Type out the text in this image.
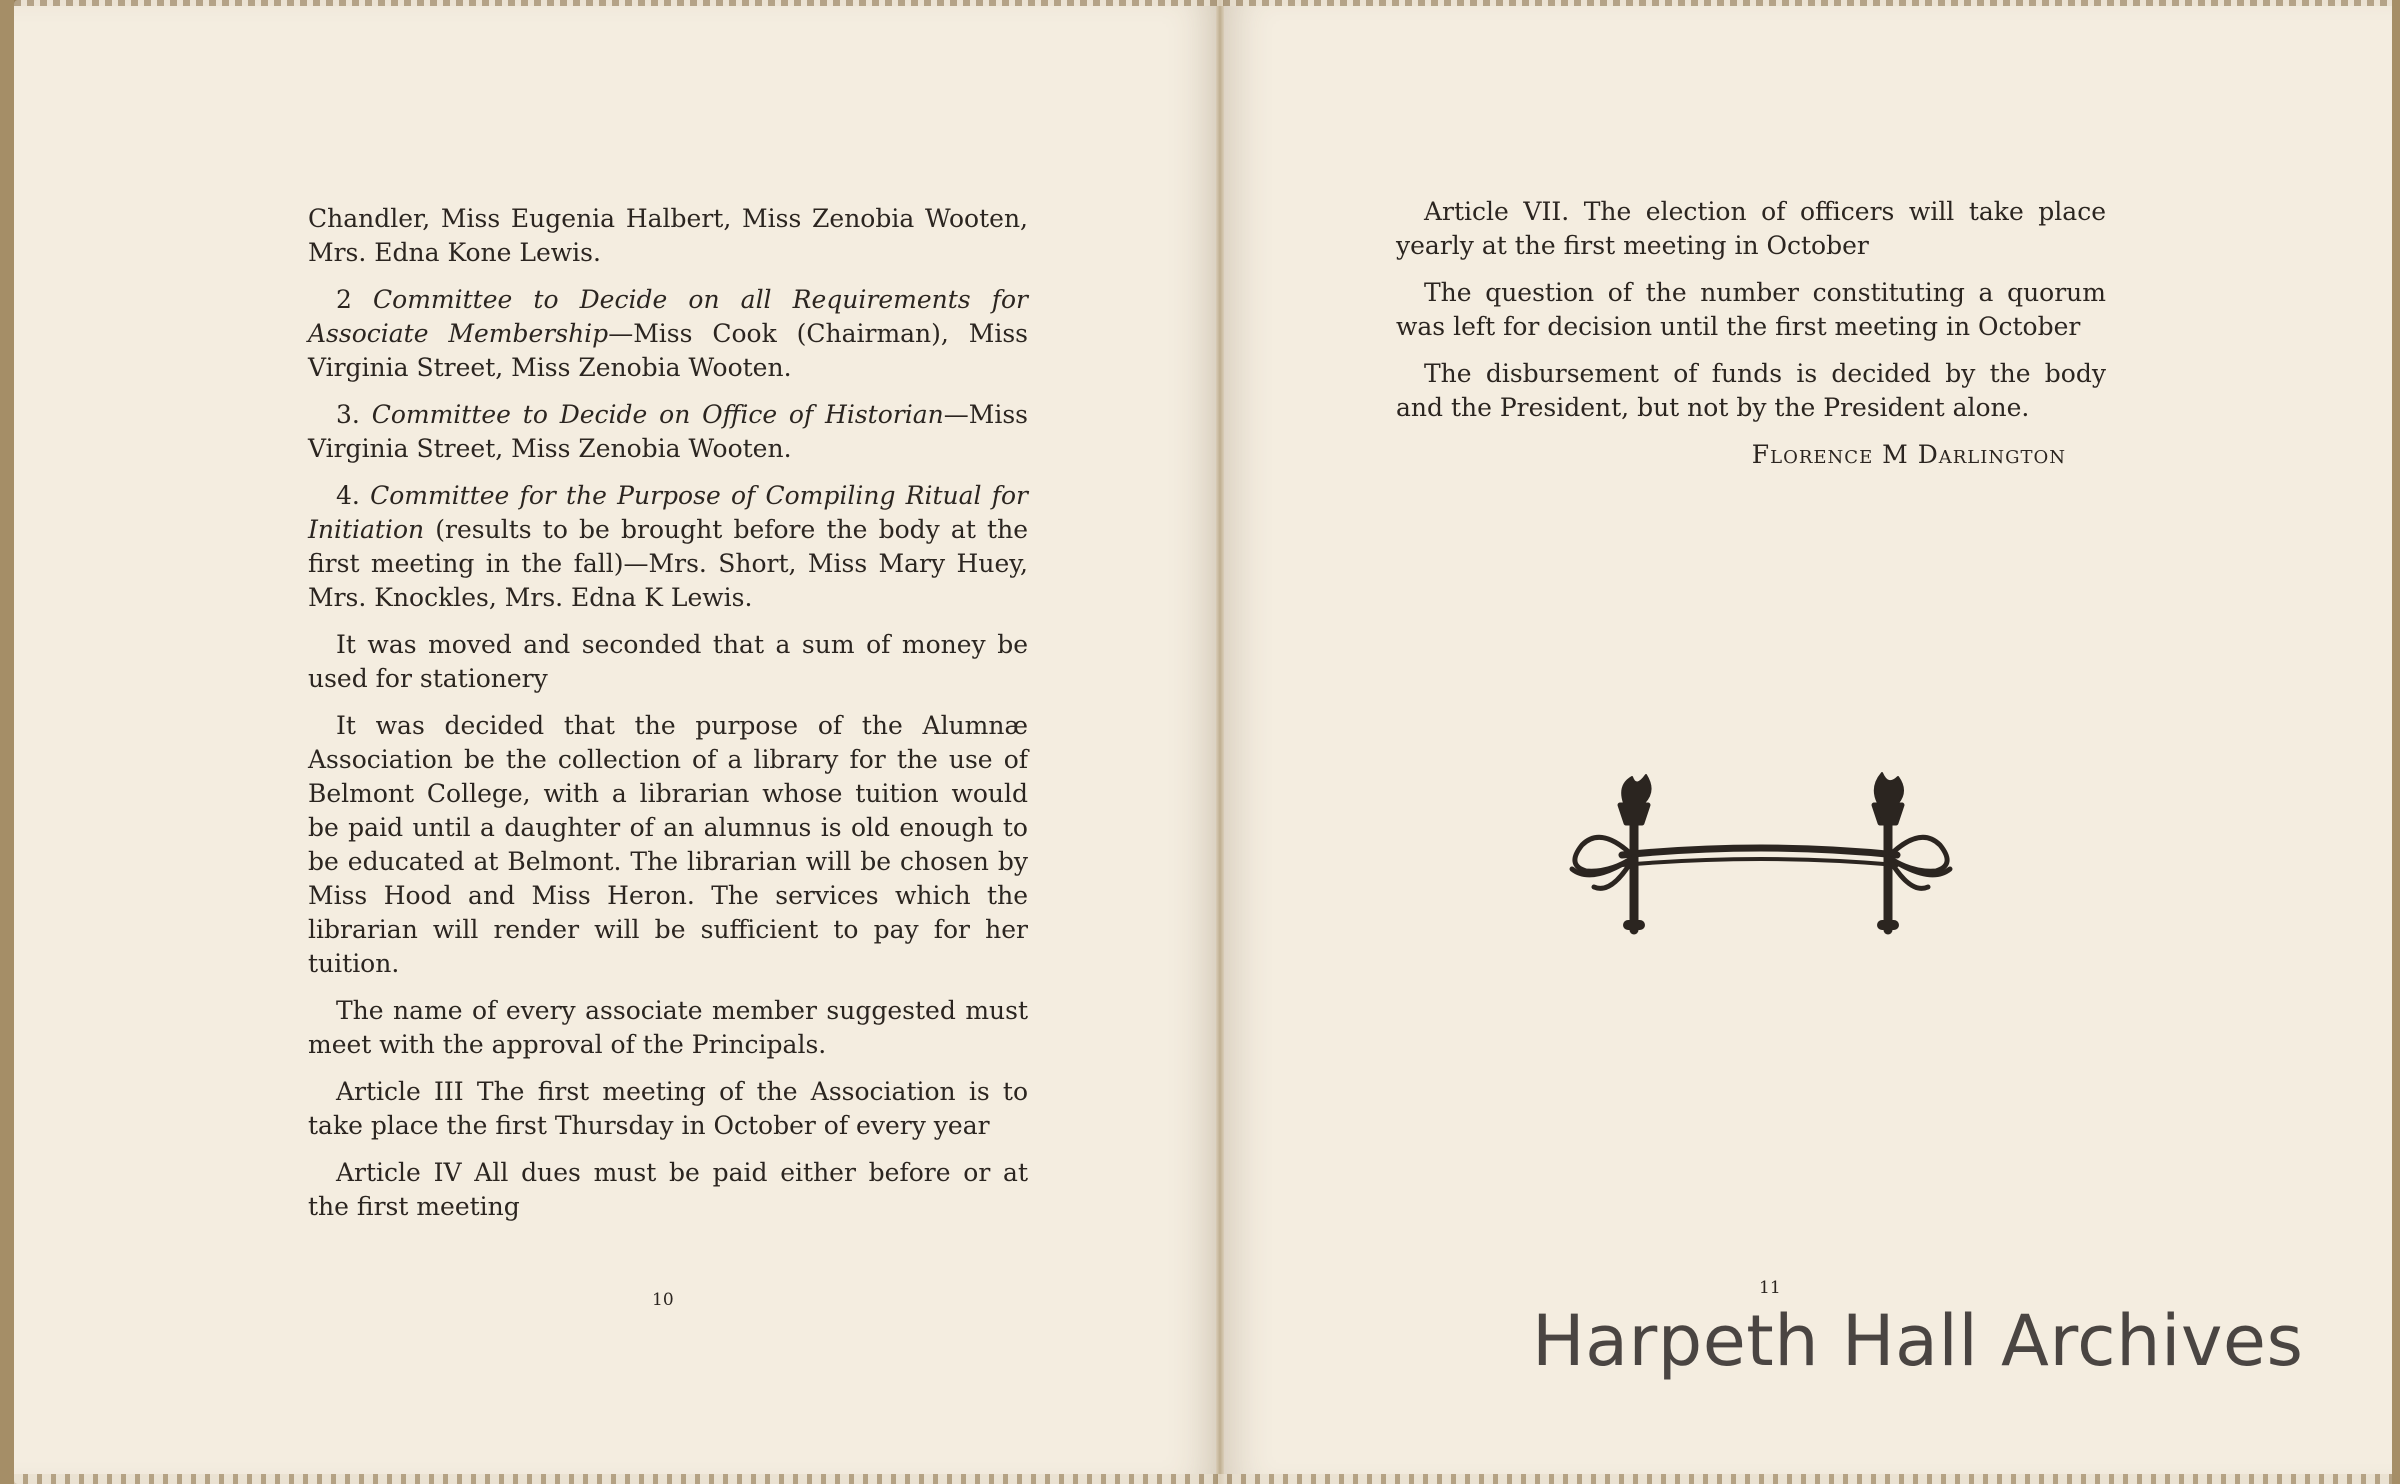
Chandler, Miss Eugenia Halbert, Miss Zenobia Wooten, Mrs. Edna Kone Lewis.

2 Committee to Decide on all Requirements for Associate Membership—Miss Cook (Chairman), Miss Virginia Street, Miss Zenobia Wooten.

3. Committee to Decide on Office of Historian—Miss Virginia Street, Miss Zenobia Wooten.

4. Committee for the Purpose of Compiling Ritual for Initiation (results to be brought before the body at the first meeting in the fall)—Mrs. Short, Miss Mary Huey, Mrs. Knockles, Mrs. Edna K Lewis.

It was moved and seconded that a sum of money be used for stationery

It was decided that the purpose of the Alumnæ Association be the collection of a library for the use of Belmont College, with a librarian whose tuition would be paid until a daughter of an alumnus is old enough to be educated at Belmont. The librarian will be chosen by Miss Hood and Miss Heron. The services which the librarian will render will be sufficient to pay for her tuition.

The name of every associate member suggested must meet with the approval of the Principals.

Article III The first meeting of the Association is to take place the first Thursday in October of every year

Article IV All dues must be paid either before or at the first meeting

10

Article VII. The election of officers will take place yearly at the first meeting in October

The question of the number constituting a quorum was left for decision until the first meeting in October

The disbursement of funds is decided by the body and the President, but not by the President alone.

Florence M Darlington
11
Harpeth Hall Archives
